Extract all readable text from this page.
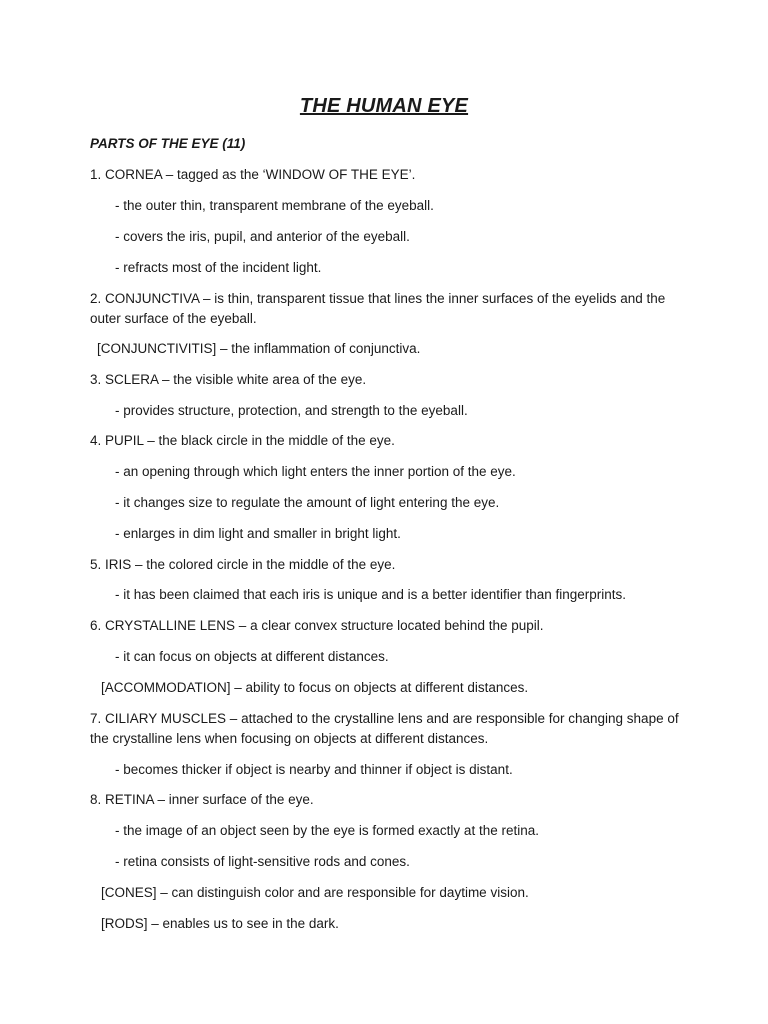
THE HUMAN EYE
PARTS OF THE EYE (11)
1. CORNEA – tagged as the ‘WINDOW OF THE EYE’.
- the outer thin, transparent membrane of the eyeball.
- covers the iris, pupil, and anterior of the eyeball.
- refracts most of the incident light.
2. CONJUNCTIVA – is thin, transparent tissue that lines the inner surfaces of the eyelids and the outer surface of the eyeball.
[CONJUNCTIVITIS] – the inflammation of conjunctiva.
3. SCLERA – the visible white area of the eye.
- provides structure, protection, and strength to the eyeball.
4. PUPIL – the black circle in the middle of the eye.
- an opening through which light enters the inner portion of the eye.
- it changes size to regulate the amount of light entering the eye.
- enlarges in dim light and smaller in bright light.
5. IRIS – the colored circle in the middle of the eye.
- it has been claimed that each iris is unique and is a better identifier than fingerprints.
6. CRYSTALLINE LENS – a clear convex structure located behind the pupil.
- it can focus on objects at different distances.
[ACCOMMODATION] – ability to focus on objects at different distances.
7. CILIARY MUSCLES – attached to the crystalline lens and are responsible for changing shape of the crystalline lens when focusing on objects at different distances.
- becomes thicker if object is nearby and thinner if object is distant.
8. RETINA – inner surface of the eye.
- the image of an object seen by the eye is formed exactly at the retina.
- retina consists of light-sensitive rods and cones.
[CONES] – can distinguish color and are responsible for daytime vision.
[RODS] – enables us to see in the dark.
